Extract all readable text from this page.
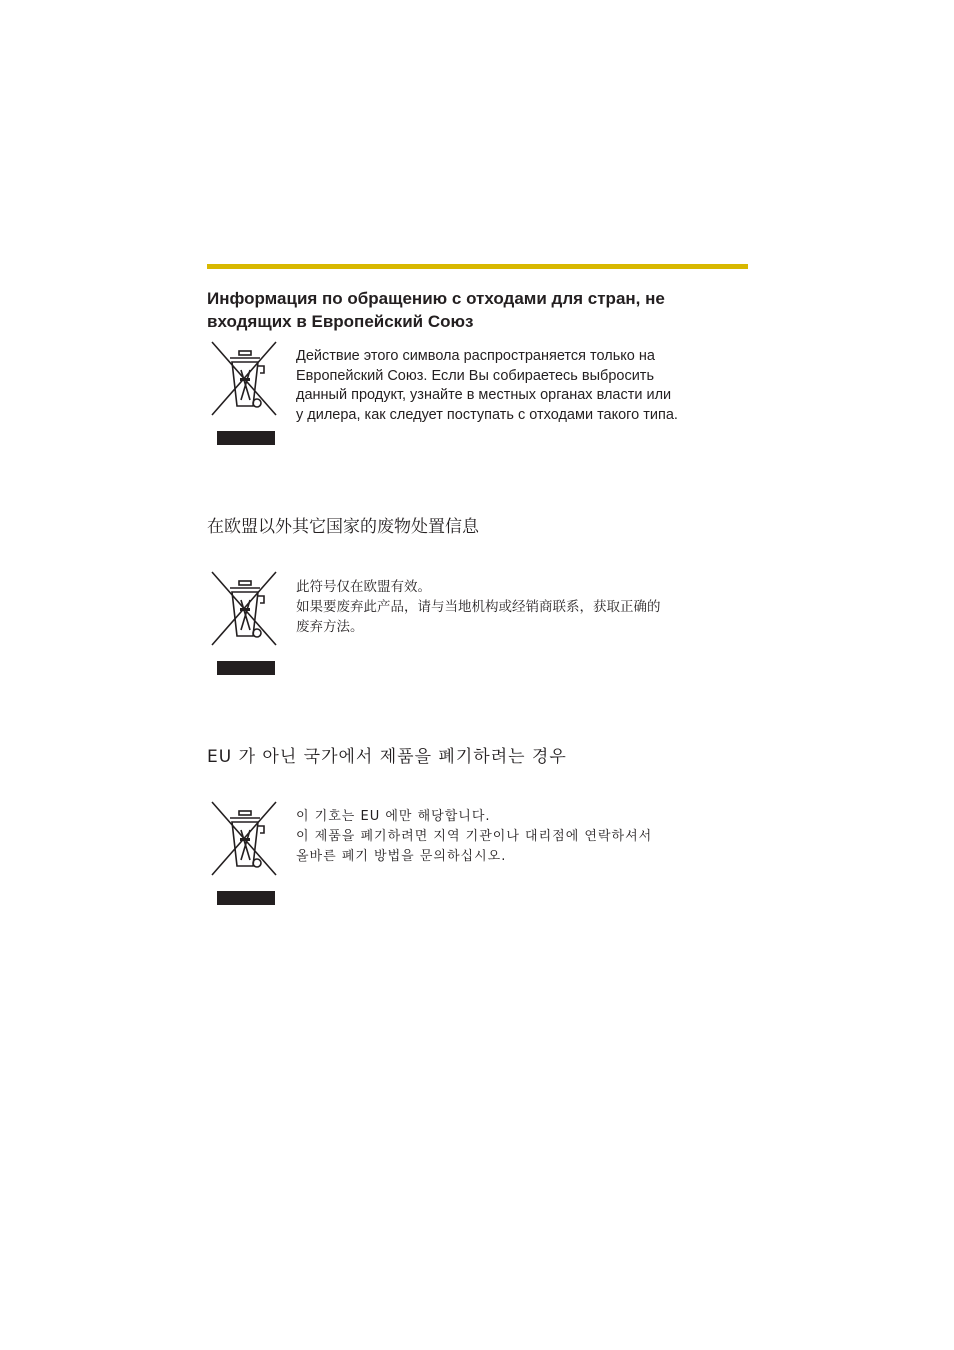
Информация по обращению с отходами для стран, не
входящих в Европейский Союз

Действие этого символа распространяется только на
Европейский Союз. Если Вы собираетесь выбросить
данный продукт, узнайте в местных органах власти или
у дилера, как следует поступать с отходами такого типа.

在欧盟以外其它国家的废物处置信息

此符号仅在欧盟有效。
如果要废弃此产品，请与当地机构或经销商联系，获取正确的
废弃方法。

EU 가 아닌 국가에서 제품을 폐기하려는 경우

이 기호는 EU 에만 해당합니다.
이 제품을 폐기하려면 지역 기관이나 대리점에 연락하셔서
올바른 폐기 방법을 문의하십시오.
